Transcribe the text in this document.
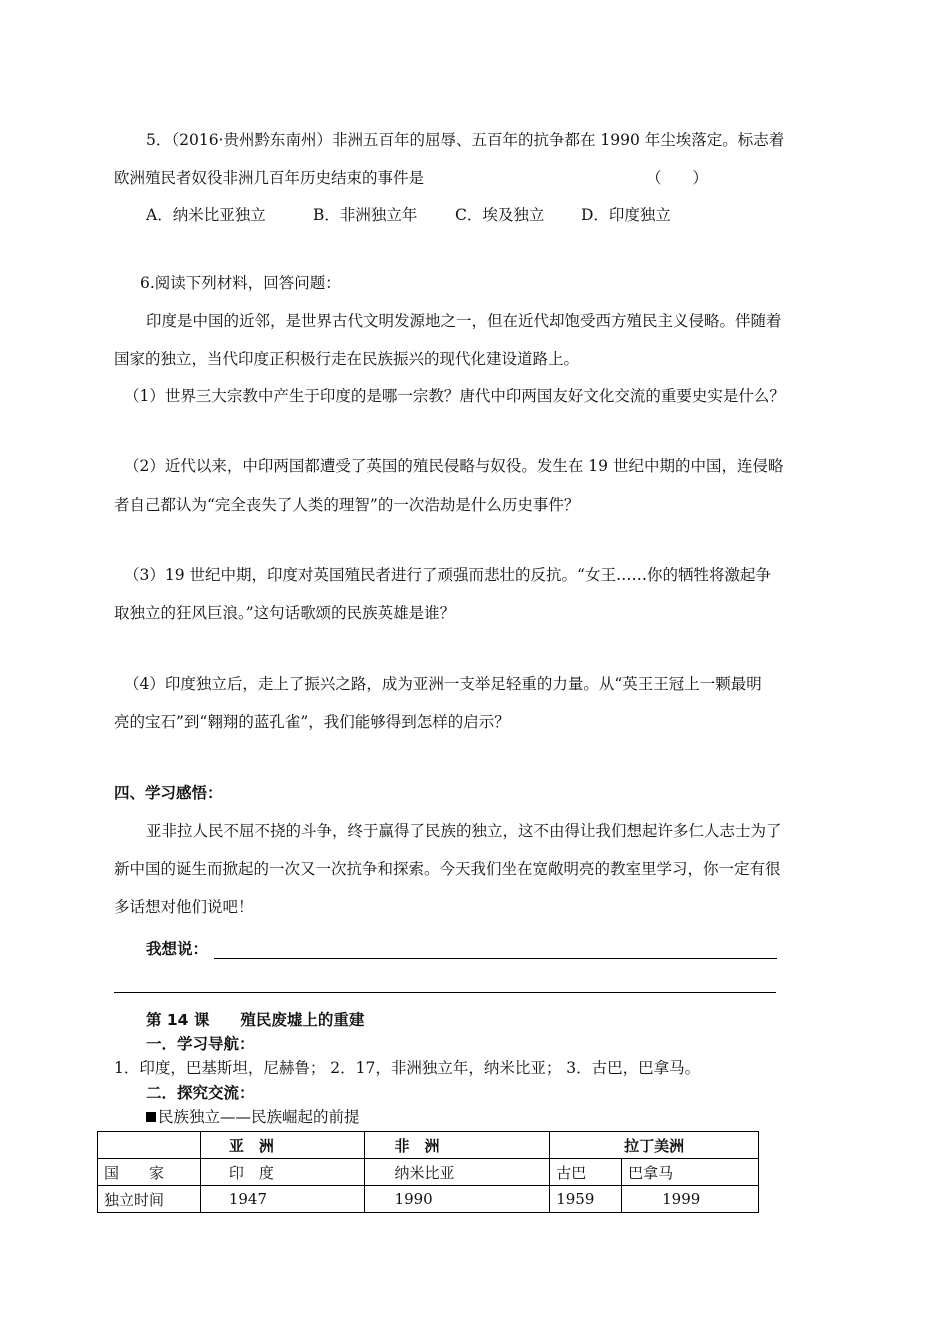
5．（2016·贵州黔东南州）非洲五百年的屈辱、五百年的抗争都在 1990 年尘埃落定。标志着
欧洲殖民者奴役非洲几百年历史结束的事件是	（　　）
A．纳米比亚独立	B．非洲独立年 C．埃及独立 D．印度独立
6.阅读下列材料，回答问题：
印度是中国的近邻，是世界古代文明发源地之一，但在近代却饱受西方殖民主义侵略。伴随着
国家的独立，当代印度正积极行走在民族振兴的现代化建设道路上。
（1）世界三大宗教中产生于印度的是哪一宗教？唐代中印两国友好文化交流的重要史实是什么？
（2）近代以来，中印两国都遭受了英国的殖民侵略与奴役。发生在 19 世纪中期的中国，连侵略
者自己都认为“完全丧失了人类的理智”的一次浩劫是什么历史事件？
（3）19 世纪中期，印度对英国殖民者进行了顽强而悲壮的反抗。“女王……你的牺牲将激起争
取独立的狂风巨浪。”这句话歌颂的民族英雄是谁？
（4）印度独立后，走上了振兴之路，成为亚洲一支举足轻重的力量。从“英王王冠上一颗最明
亮的宝石”到“翱翔的蓝孔雀”，我们能够得到怎样的启示？
四、学习感悟：
亚非拉人民不屈不挠的斗争，终于赢得了民族的独立，这不由得让我们想起许多仁人志士为了
新中国的诞生而掀起的一次又一次抗争和探索。今天我们坐在宽敞明亮的教室里学习，你一定有很
多话想对他们说吧！
我想说：
第 14 课　　殖民废墟上的重建
一．学习导航：
1．印度，巴基斯坦，尼赫鲁； 2．17，非洲独立年，纳米比亚； 3．古巴，巴拿马。
二．探究交流：
民族独立——民族崛起的前提
	亚　洲	非　洲	拉丁美洲	
国　　家	印　度	纳米比亚	古巴	巴拿马
独立时间	1947	1990	1959	1999
